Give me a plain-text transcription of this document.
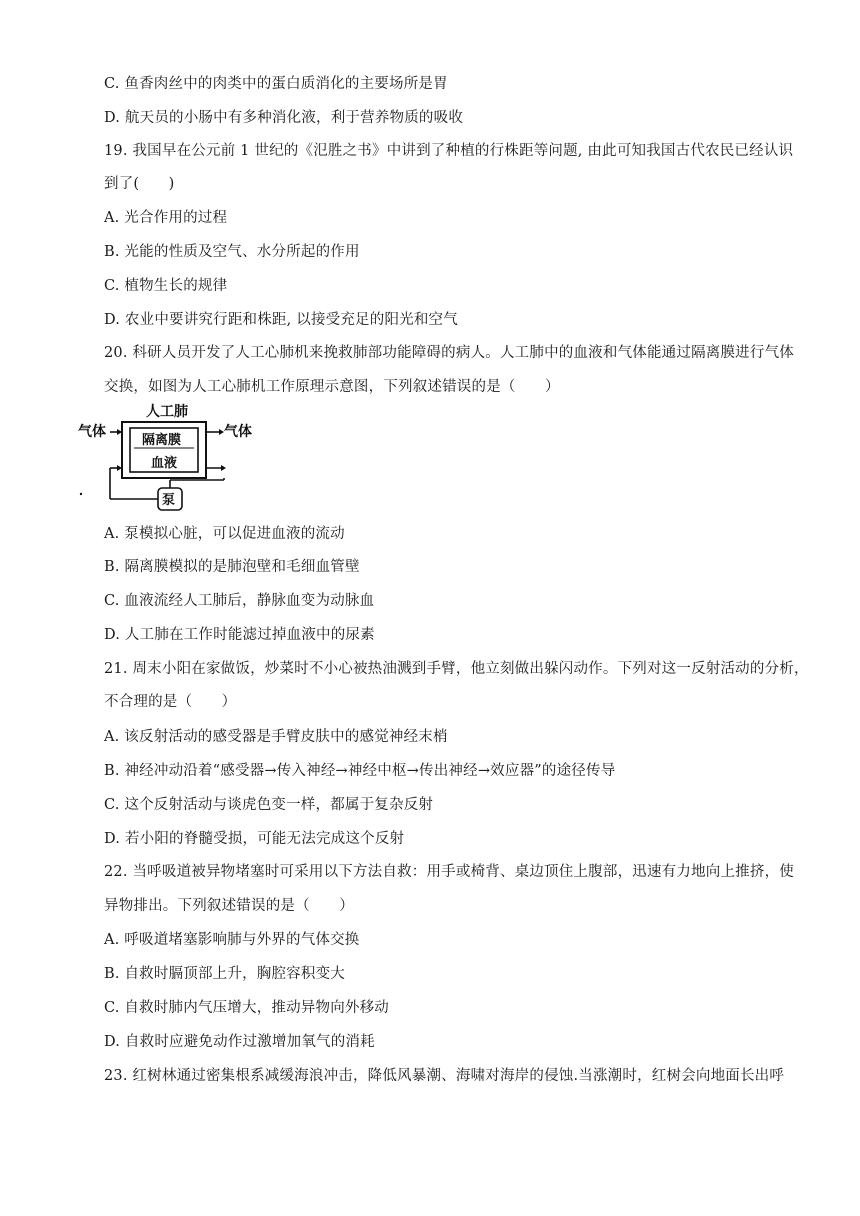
C. 鱼香肉丝中的肉类中的蛋白质消化的主要场所是胃
D. 航天员的小肠中有多种消化液，利于营养物质的吸收
19. 我国早在公元前 1 世纪的《氾胜之书》中讲到了种植的行株距等问题, 由此可知我国古代农民已经认识
到了(　　)
A. 光合作用的过程
B. 光能的性质及空气、水分所起的作用
C. 植物生长的规律
D. 农业中要讲究行距和株距, 以接受充足的阳光和空气
20. 科研人员开发了人工心肺机来挽救肺部功能障碍的病人。人工肺中的血液和气体能通过隔离膜进行气体
交换，如图为人工心肺机工作原理示意图，下列叙述错误的是（　　）
人工肺
隔离膜
血液
气体	气体
泵
A. 泵模拟心脏，可以促进血液的流动
B. 隔离膜模拟的是肺泡壁和毛细血管壁
C. 血液流经人工肺后，静脉血变为动脉血
D. 人工肺在工作时能滤过掉血液中的尿素
21. 周末小阳在家做饭，炒菜时不小心被热油溅到手臂，他立刻做出躲闪动作。下列对这一反射活动的分析，
不合理的是（　　）
A. 该反射活动的感受器是手臂皮肤中的感觉神经末梢
B. 神经冲动沿着“感受器→传入神经→神经中枢→传出神经→效应器”的途径传导
C. 这个反射活动与谈虎色变一样，都属于复杂反射
D. 若小阳的脊髓受损，可能无法完成这个反射
22. 当呼吸道被异物堵塞时可采用以下方法自救：用手或椅背、桌边顶住上腹部，迅速有力地向上推挤，使
异物排出。下列叙述错误的是（　　）
A. 呼吸道堵塞影响肺与外界的气体交换
B. 自救时膈顶部上升，胸腔容积变大
C. 自救时肺内气压增大，推动异物向外移动
D. 自救时应避免动作过激增加氧气的消耗
23. 红树林通过密集根系减缓海浪冲击，降低风暴潮、海啸对海岸的侵蚀.当涨潮时，红树会向地面长出呼
